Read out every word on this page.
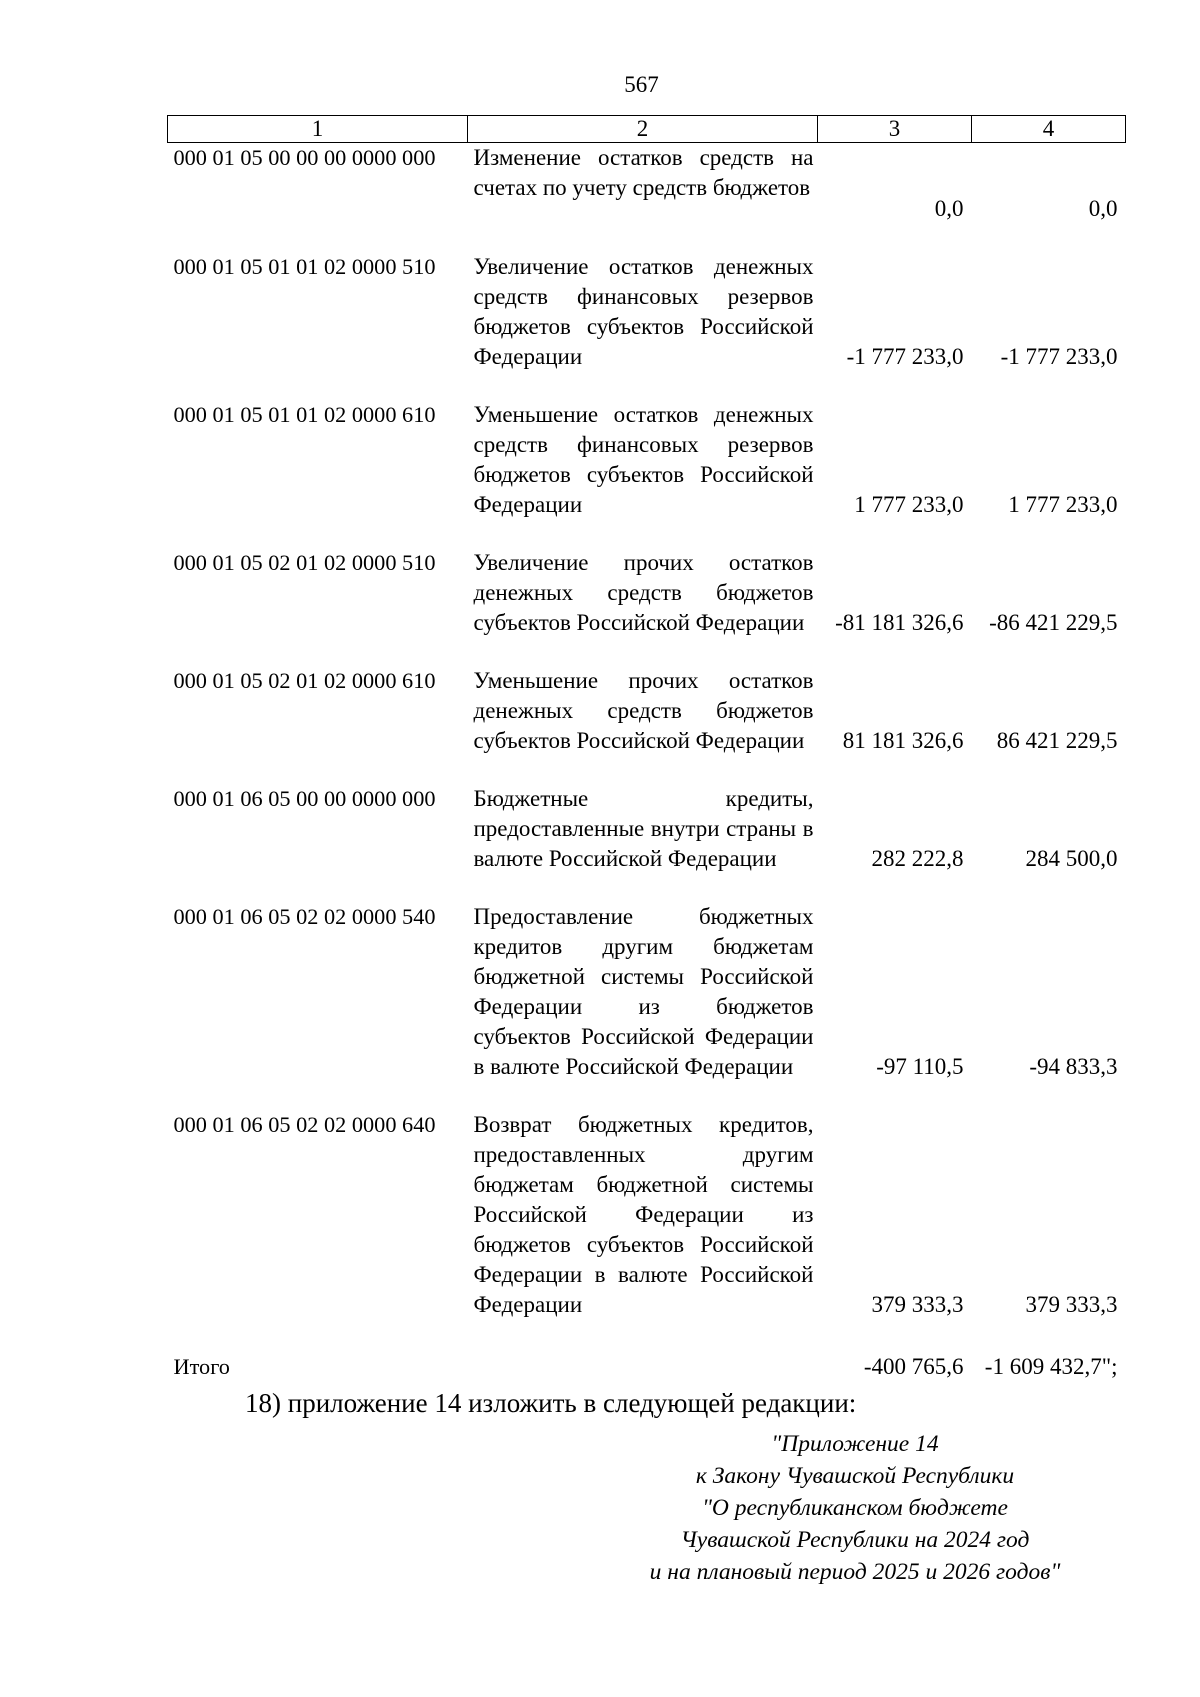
567
1	2	3	4
000 01 05 00 00 00 0000 000	Изменение остатков средств на счетах по учету средств бюджетов	0,0	0,0
000 01 05 01 01 02 0000 510	Увеличение остатков денежных средств финансовых резервов бюджетов субъектов Российской Федерации	-1 777 233,0	-1 777 233,0
000 01 05 01 01 02 0000 610	Уменьшение остатков денежных средств финансовых резервов бюджетов субъектов Российской Федерации	1 777 233,0	1 777 233,0
000 01 05 02 01 02 0000 510	Увеличение прочих остатков денежных средств бюджетов субъектов Российской Федерации	-81 181 326,6	-86 421 229,5
000 01 05 02 01 02 0000 610	Уменьшение прочих остатков денежных средств бюджетов субъектов Российской Федерации	81 181 326,6	86 421 229,5
000 01 06 05 00 00 0000 000	Бюджетные кредиты, предоставленные внутри страны в валюте Российской Федерации	282 222,8	284 500,0
000 01 06 05 02 02 0000 540	Предоставление бюджетных кредитов другим бюджетам бюджетной системы Российской Федерации из бюджетов субъектов Российской Федерации в валюте Российской Федерации	-97 110,5	-94 833,3
000 01 06 05 02 02 0000 640	Возврат бюджетных кредитов, предоставленных другим бюджетам бюджетной системы Российской Федерации из бюджетов субъектов Российской Федерации в валюте Российской Федерации	379 333,3	379 333,3
Итого		-400 765,6	-1 609 432,7";
18) приложение 14 изложить в следующей редакции:
"Приложение 14
к Закону Чувашской Республики
"О республиканском бюджете
Чувашской Республики на 2024 год
и на плановый период 2025 и 2026 годов"
